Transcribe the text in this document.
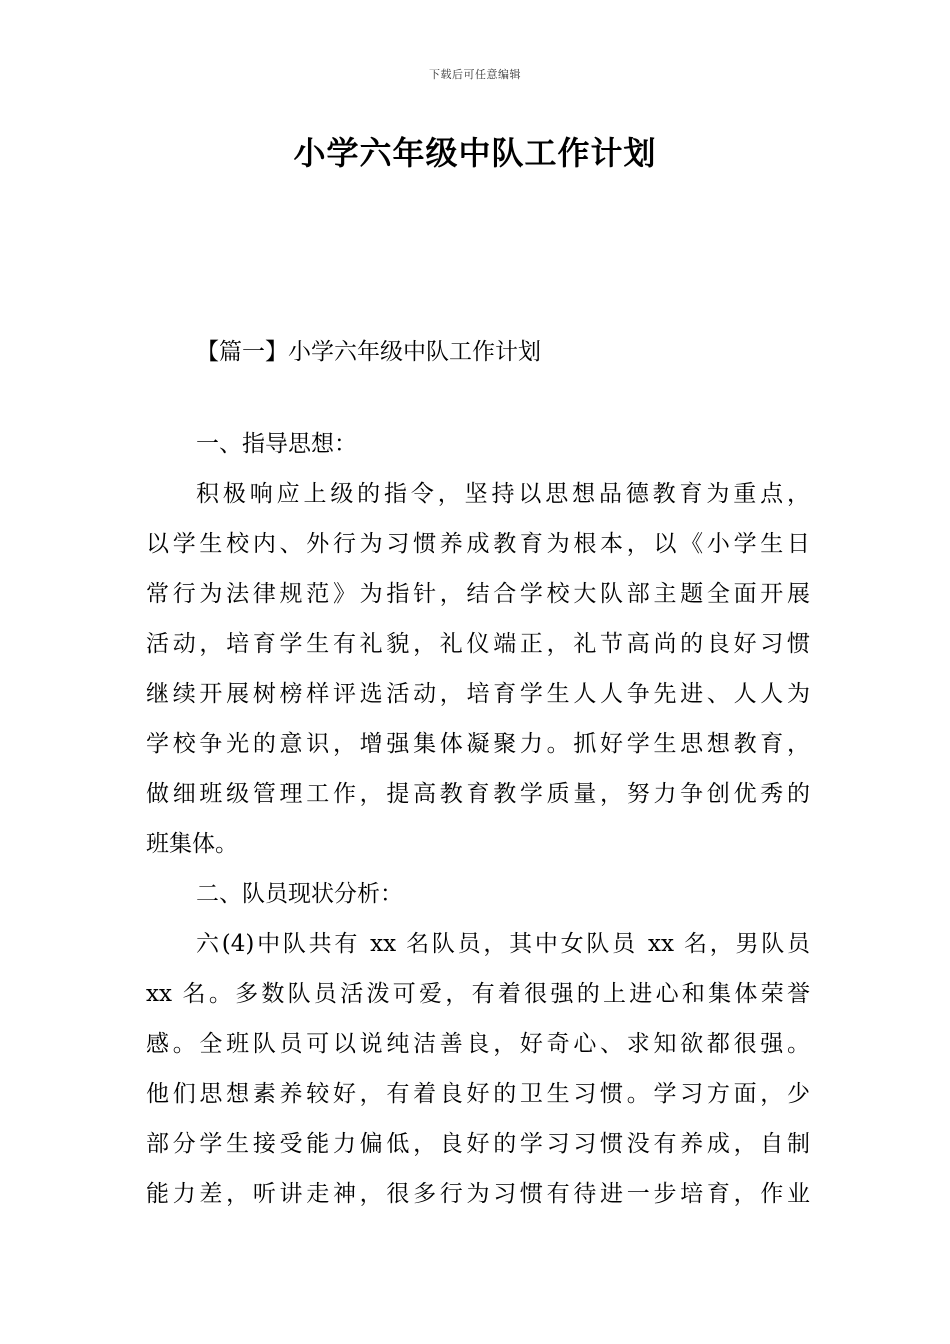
下载后可任意编辑
小学六年级中队工作计划
【篇一】小学六年级中队工作计划
一、指导思想：
积极响应上级的指令，坚持以思想品德教育为重点，
以学生校内、外行为习惯养成教育为根本，以《小学生日
常行为法律规范》为指针，结合学校大队部主题全面开展
活动，培育学生有礼貌，礼仪端正，礼节高尚的良好习惯
继续开展树榜样评选活动，培育学生人人争先进、人人为
学校争光的意识，增强集体凝聚力。抓好学生思想教育，
做细班级管理工作，提高教育教学质量，努力争创优秀的
班集体。
二、队员现状分析：
六(4)中队共有 xx 名队员，其中女队员 xx 名，男队员
xx 名。多数队员活泼可爱，有着很强的上进心和集体荣誉
感。全班队员可以说纯洁善良，好奇心、求知欲都很强。
他们思想素养较好，有着良好的卫生习惯。学习方面，少
部分学生接受能力偏低，良好的学习习惯没有养成，自制
能力差，听讲走神，很多行为习惯有待进一步培育，作业
